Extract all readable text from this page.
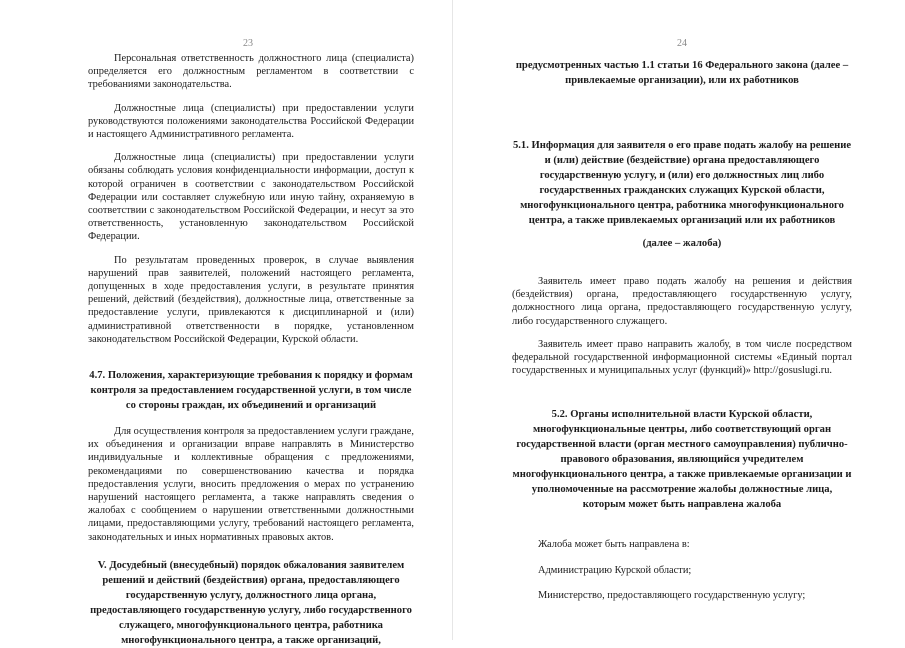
23

Персональная ответственность должностного лица (специалиста) определяется его должностным регламентом в соответствии с требованиями законодательства.

Должностные лица (специалисты) при предоставлении услуги руководствуются положениями законодательства Российской Федерации и настоящего Административного регламента.

Должностные лица (специалисты) при предоставлении услуги обязаны соблюдать условия конфиденциальности информации, доступ к которой ограничен в соответствии с законодательством Российской Федерации или составляет служебную или иную тайну, охраняемую в соответствии с законодательством Российской Федерации, и несут за это ответственность, установленную законодательством Российской Федерации.

По результатам проведенных проверок, в случае выявления нарушений прав заявителей, положений настоящего регламента, допущенных в ходе предоставления услуги, в результате принятия решений, действий (бездействия), должностные лица, ответственные за предоставление услуги, привлекаются к дисциплинарной и (или) административной ответственности в порядке, установленном законодательством Российской Федерации, Курской области.

4.7. Положения, характеризующие требования к порядку и формам контроля за предоставлением государственной услуги, в том числе со стороны граждан, их объединений и организаций

Для осуществления контроля за предоставлением услуги граждане, их объединения и организации вправе направлять в Министерство индивидуальные и коллективные обращения с предложениями, рекомендациями по совершенствованию качества и порядка предоставления услуги, вносить предложения о мерах по устранению нарушений настоящего регламента, а также направлять сведения о жалобах с сообщением о нарушении ответственными должностными лицами, предоставляющими услугу, требований настоящего регламента, законодательных и иных нормативных правовых актов.

V. Досудебный (внесудебный) порядок обжалования заявителем решений и действий (бездействия) органа, предоставляющего государственную услугу, должностного лица органа, предоставляющего государственную услугу, либо государственного служащего, многофункционального центра, работника многофункционального центра, а также организаций,

24

предусмотренных частью 1.1 статьи 16 Федерального закона (далее – привлекаемые организации), или их работников

5.1. Информация для заявителя о его праве подать жалобу на решение и (или) действие (бездействие) органа предоставляющего государственную услугу, и (или) его должностных лиц либо государственных гражданских служащих Курской области, многофункционального центра, работника многофункционального центра, а также привлекаемых организаций или их работников

(далее – жалоба)

Заявитель имеет право подать жалобу на решения и действия (бездействия) органа, предоставляющего государственную услугу, должностного лица органа, предоставляющего государственную услугу, либо государственного служащего.

Заявитель имеет право направить жалобу, в том числе посредством федеральной государственной информационной системы «Единый портал государственных и муниципальных услуг (функций)» http://gosuslugi.ru.

5.2. Органы исполнительной власти Курской области, многофункциональные центры, либо соответствующий орган государственной власти (орган местного самоуправления) публично-правового образования, являющийся учредителем многофункционального центра, а также привлекаемые организации и уполномоченные на рассмотрение жалобы должностные лица, которым может быть направлена жалоба

Жалоба может быть направлена в:

Администрацию Курской области;

Министерство, предоставляющего государственную услугу;
